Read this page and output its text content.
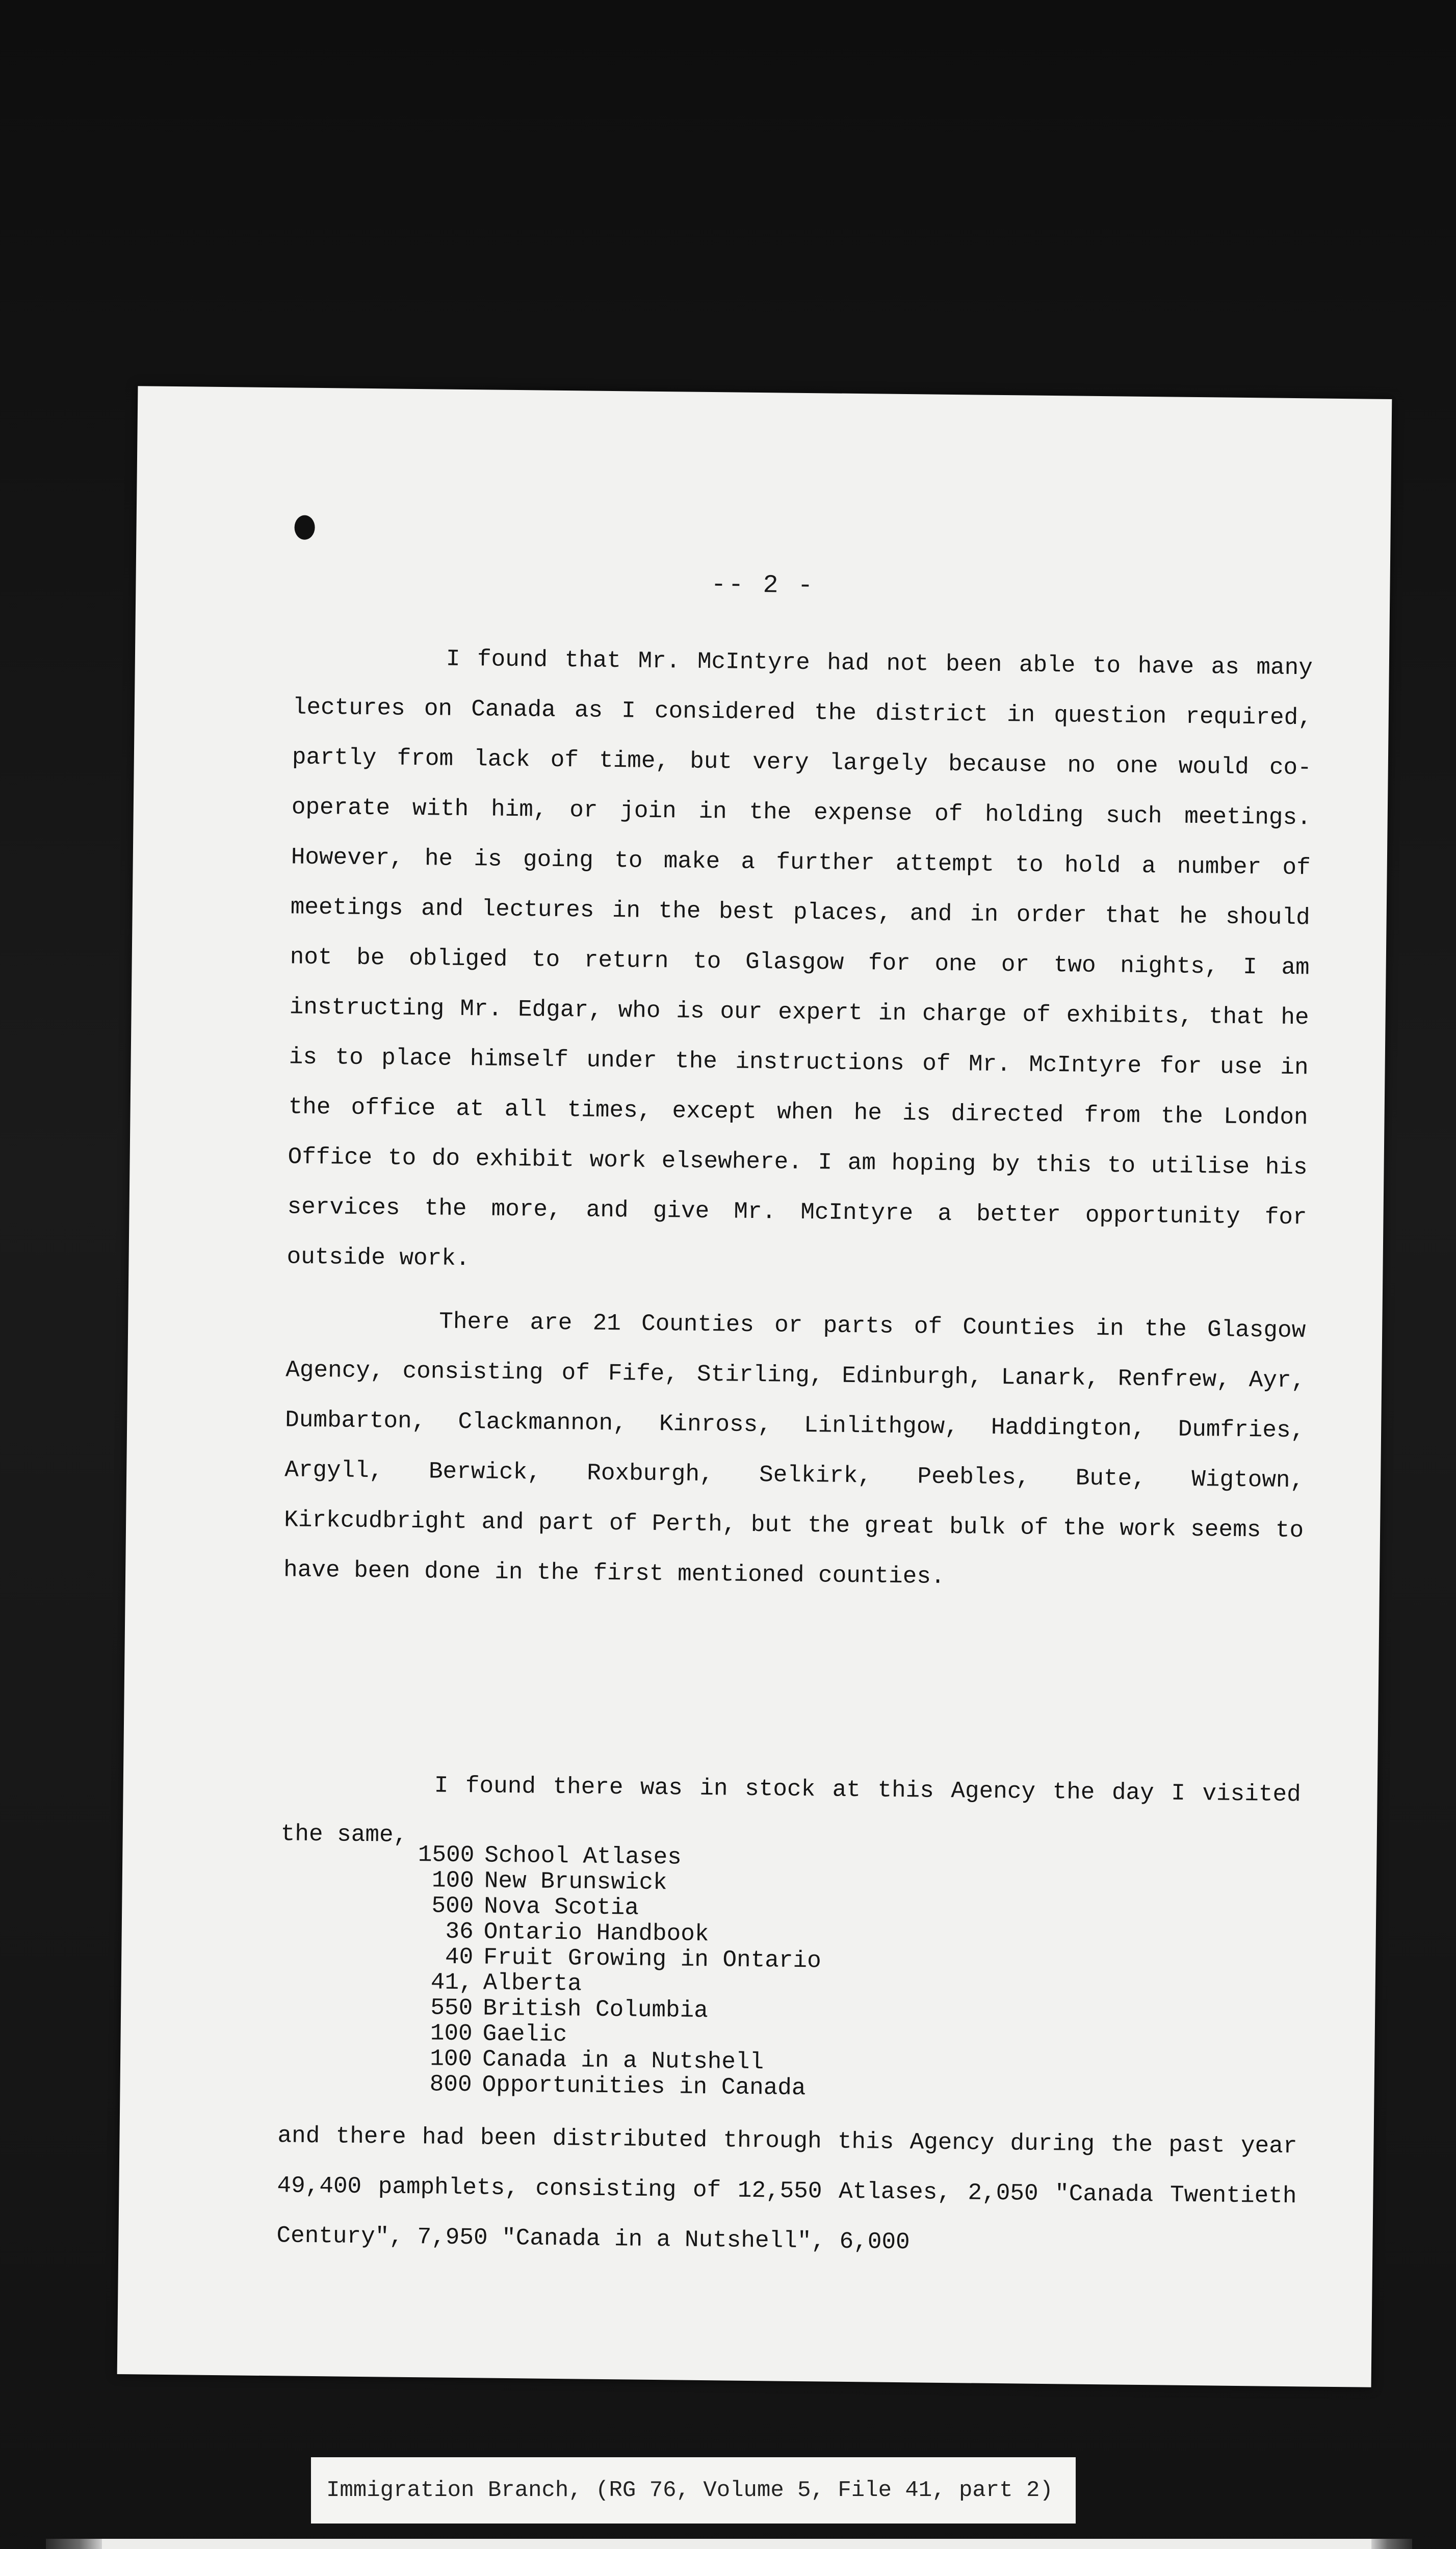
-- 2 -

I found that Mr. McIntyre had not been able to have as many lectures on Canada as I considered the district in question required, partly from lack of time, but very largely because no one would co-operate with him, or join in the expense of holding such meetings. However, he is going to make a further attempt to hold a number of meetings and lectures in the best places, and in order that he should not be obliged to return to Glasgow for one or two nights, I am instructing Mr. Edgar, who is our expert in charge of exhibits, that he is to place himself under the instructions of Mr. McIntyre for use in the office at all times, except when he is directed from the London Office to do exhibit work elsewhere. I am hoping by this to utilise his services the more, and give Mr. McIntyre a better opportunity for outside work.

There are 21 Counties or parts of Counties in the Glasgow Agency, consisting of Fife, Stirling, Edinburgh, Lanark, Renfrew, Ayr, Dumbarton, Clackmannon, Kinross, Linlithgow, Haddington, Dumfries, Argyll, Berwick, Roxburgh, Selkirk, Peebles, Bute, Wigtown, Kirkcudbright and part of Perth, but the great bulk of the work seems to have been done in the first mentioned counties.

I found there was in stock at this Agency the day I visited the same,

1500 School Atlases
100 New Brunswick
500 Nova Scotia
36 Ontario Handbook
40 Fruit Growing in Ontario
41, Alberta
550 British Columbia
100 Gaelic
100 Canada in a Nutshell
800 Opportunities in Canada

and there had been distributed through this Agency during the past year 49,400 pamphlets, consisting of 12,550 Atlases, 2,050 "Canada Twentieth Century", 7,950 "Canada in a Nutshell", 6,000

Immigration Branch, (RG 76, Volume 5, File 41, part 2)
